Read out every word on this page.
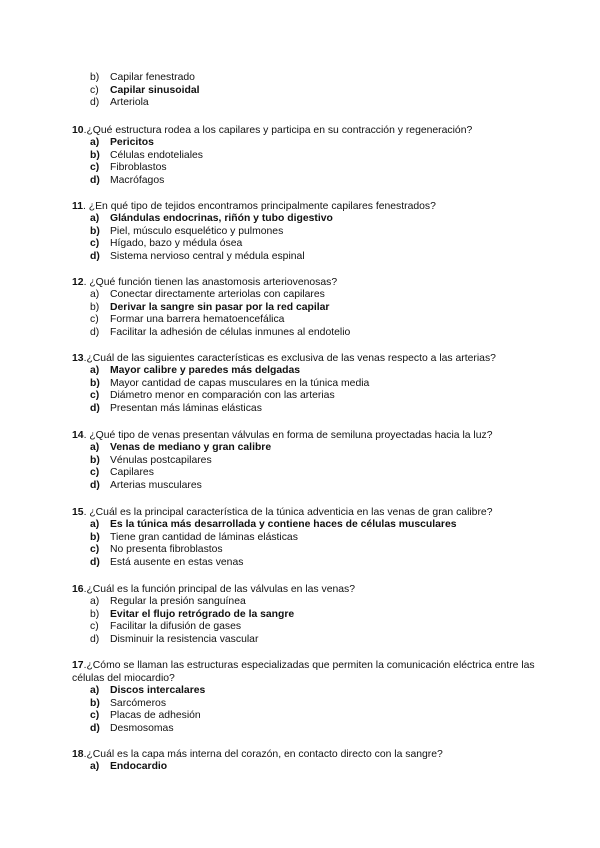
b)	Capilar fenestrado
c)	Capilar sinusoidal
d)	Arteriola
10.¿Qué estructura rodea a los capilares y participa en su contracción y regeneración?
a)	Pericitos
b) Células endoteliales
c)	Fibroblastos
d) Macrófagos
11. ¿En qué tipo de tejidos encontramos principalmente capilares fenestrados?
a)	Glándulas endocrinas, riñón y tubo digestivo
b) Piel, músculo esquelético y pulmones
c)	Hígado, bazo y médula ósea
d) Sistema nervioso central y médula espinal
12. ¿Qué función tienen las anastomosis arteriovenosas?
a)	Conectar directamente arteriolas con capilares
b)	Derivar la sangre sin pasar por la red capilar
c)	Formar una barrera hematoencefálica
d)	Facilitar la adhesión de células inmunes al endotelio
13.¿Cuál de las siguientes características es exclusiva de las venas respecto a las arterias?
a)	Mayor calibre y paredes más delgadas
b) Mayor cantidad de capas musculares en la túnica media
c)	Diámetro menor en comparación con las arterias
d) Presentan más láminas elásticas
14. ¿Qué tipo de venas presentan válvulas en forma de semiluna proyectadas hacia la luz?
a)	Venas de mediano y gran calibre
b) Vénulas postcapilares
c)	Capilares
d) Arterias musculares
15. ¿Cuál es la principal característica de la túnica adventicia en las venas de gran calibre?
a)	Es la túnica más desarrollada y contiene haces de células musculares
b) Tiene gran cantidad de láminas elásticas
c)	No presenta fibroblastos
d) Está ausente en estas venas
16.¿Cuál es la función principal de las válvulas en las venas?
a)	Regular la presión sanguínea
b)	Evitar el flujo retrógrado de la sangre
c)	Facilitar la difusión de gases
d)	Disminuir la resistencia vascular
17.¿Cómo se llaman las estructuras especializadas que permiten la comunicación eléctrica entre las células del miocardio?
a)	Discos intercalares
b) Sarcómeros
c)	Placas de adhesión
d) Desmosomas
18.¿Cuál es la capa más interna del corazón, en contacto directo con la sangre?
a)	Endocardio
